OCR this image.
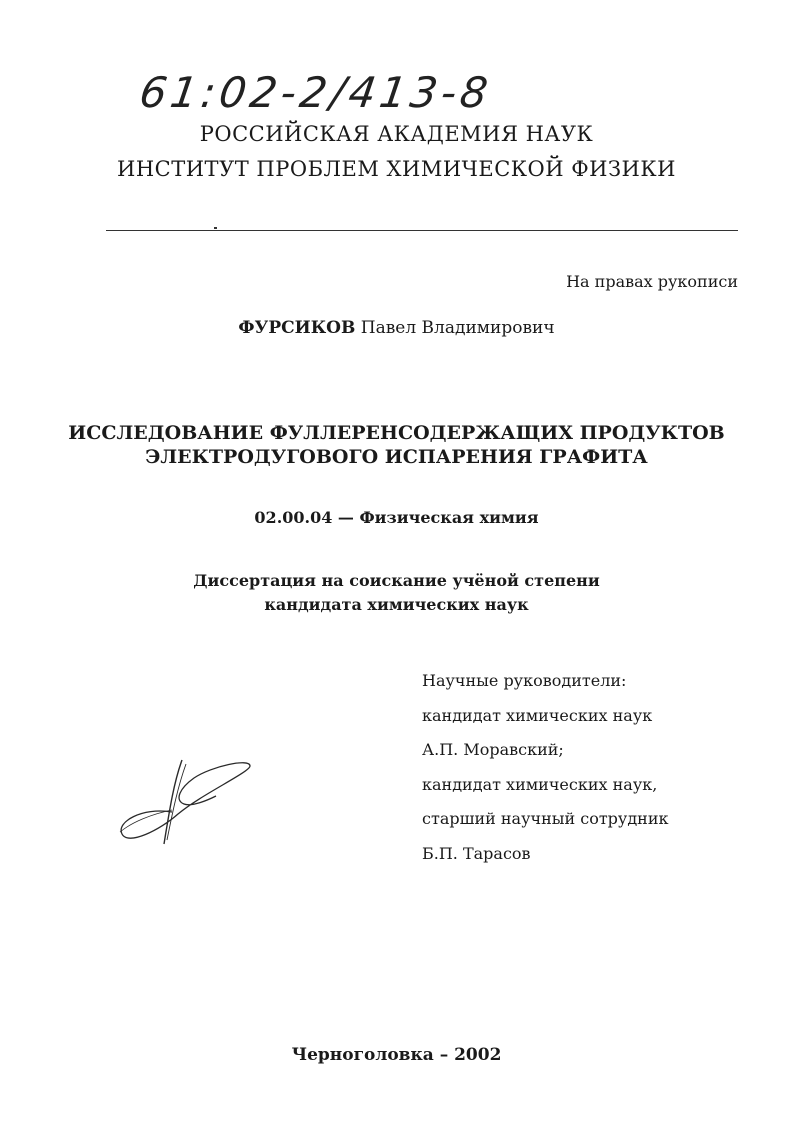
61:02-2/413-8
РОССИЙСКАЯ АКАДЕМИЯ НАУК
ИНСТИТУТ ПРОБЛЕМ ХИМИЧЕСКОЙ ФИЗИКИ
На правах рукописи
ФУРСИКОВ Павел Владимирович
ИССЛЕДОВАНИЕ ФУЛЛЕРЕНСОДЕРЖАЩИХ ПРОДУКТОВ
ЭЛЕКТРОДУГОВОГО ИСПАРЕНИЯ ГРАФИТА
02.00.04 — Физическая химия
Диссертация на соискание учёной степени
кандидата химических наук
Научные руководители:
кандидат химических наук
А.П. Моравский;
кандидат химических наук,
старший научный сотрудник
Б.П. Тарасов
Черноголовка – 2002
